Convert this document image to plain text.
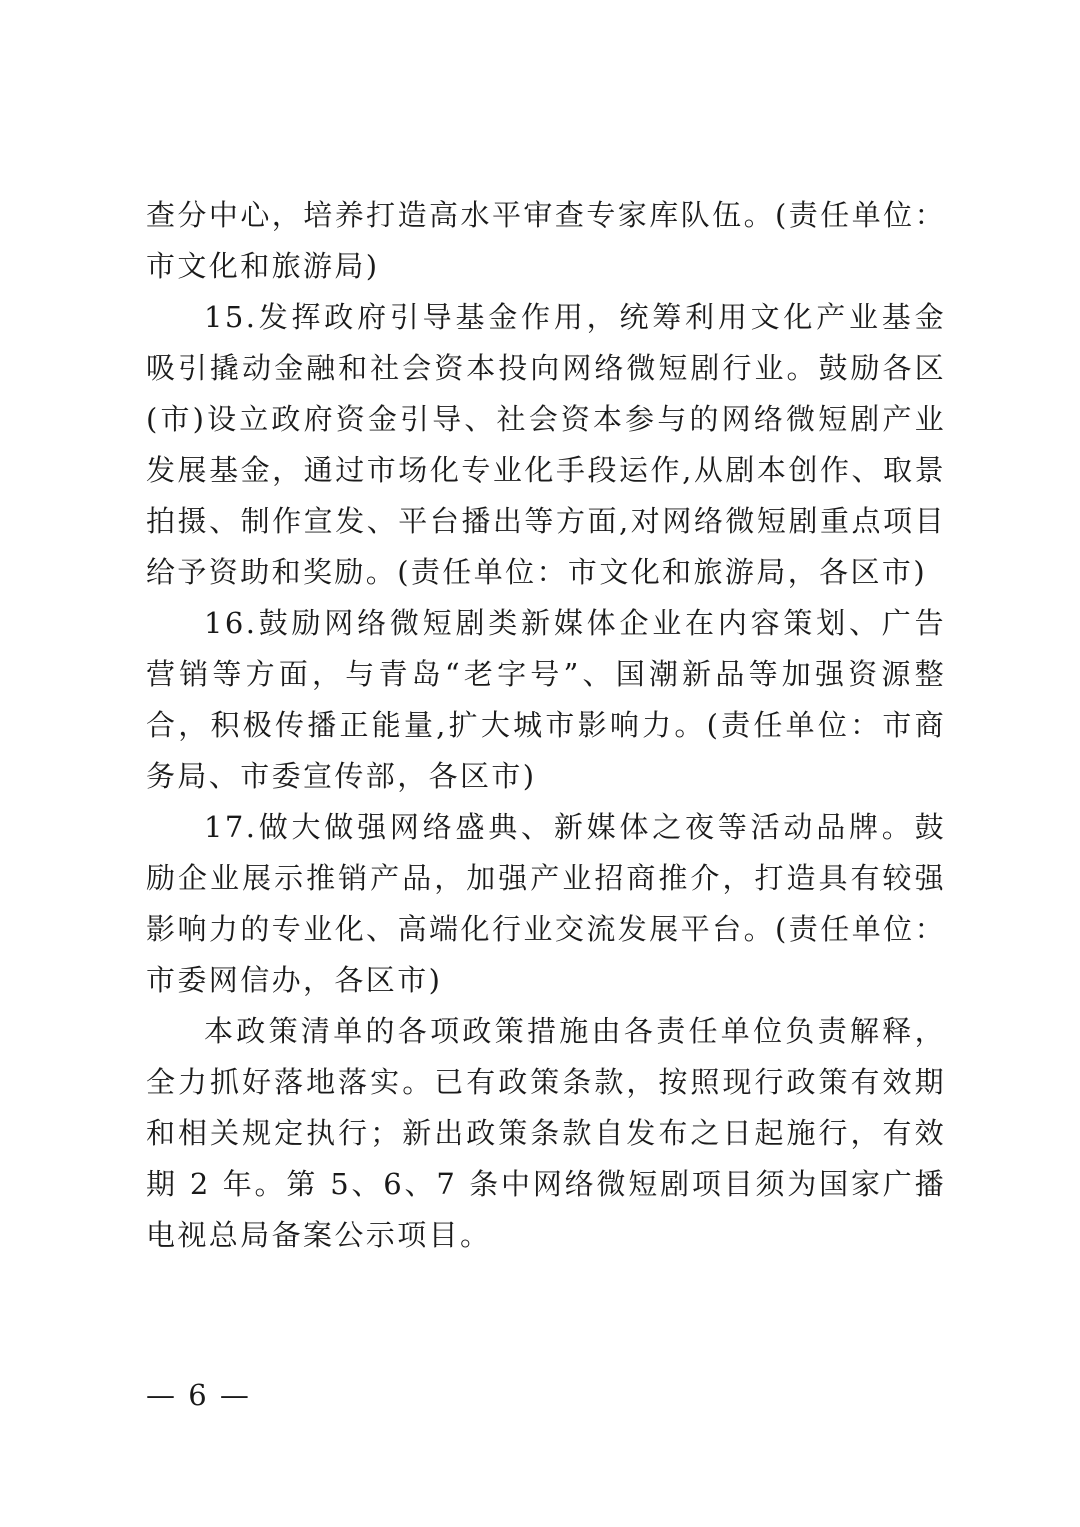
查分中心，培养打造高水平审查专家库队伍。(责任单位：市文化和旅游局)

15.发挥政府引导基金作用，统筹利用文化产业基金吸引撬动金融和社会资本投向网络微短剧行业。鼓励各区(市)设立政府资金引导、社会资本参与的网络微短剧产业发展基金，通过市场化专业化手段运作,从剧本创作、取景拍摄、制作宣发、平台播出等方面,对网络微短剧重点项目给予资助和奖励。(责任单位：市文化和旅游局，各区市)

16.鼓励网络微短剧类新媒体企业在内容策划、广告营销等方面，与青岛“老字号”、国潮新品等加强资源整合，积极传播正能量,扩大城市影响力。(责任单位：市商务局、市委宣传部，各区市)

17.做大做强网络盛典、新媒体之夜等活动品牌。鼓励企业展示推销产品，加强产业招商推介，打造具有较强影响力的专业化、高端化行业交流发展平台。(责任单位：市委网信办，各区市)

本政策清单的各项政策措施由各责任单位负责解释，全力抓好落地落实。已有政策条款，按照现行政策有效期和相关规定执行；新出政策条款自发布之日起施行，有效期 2 年。第 5、6、7 条中网络微短剧项目须为国家广播电视总局备案公示项目。

— 6 —
